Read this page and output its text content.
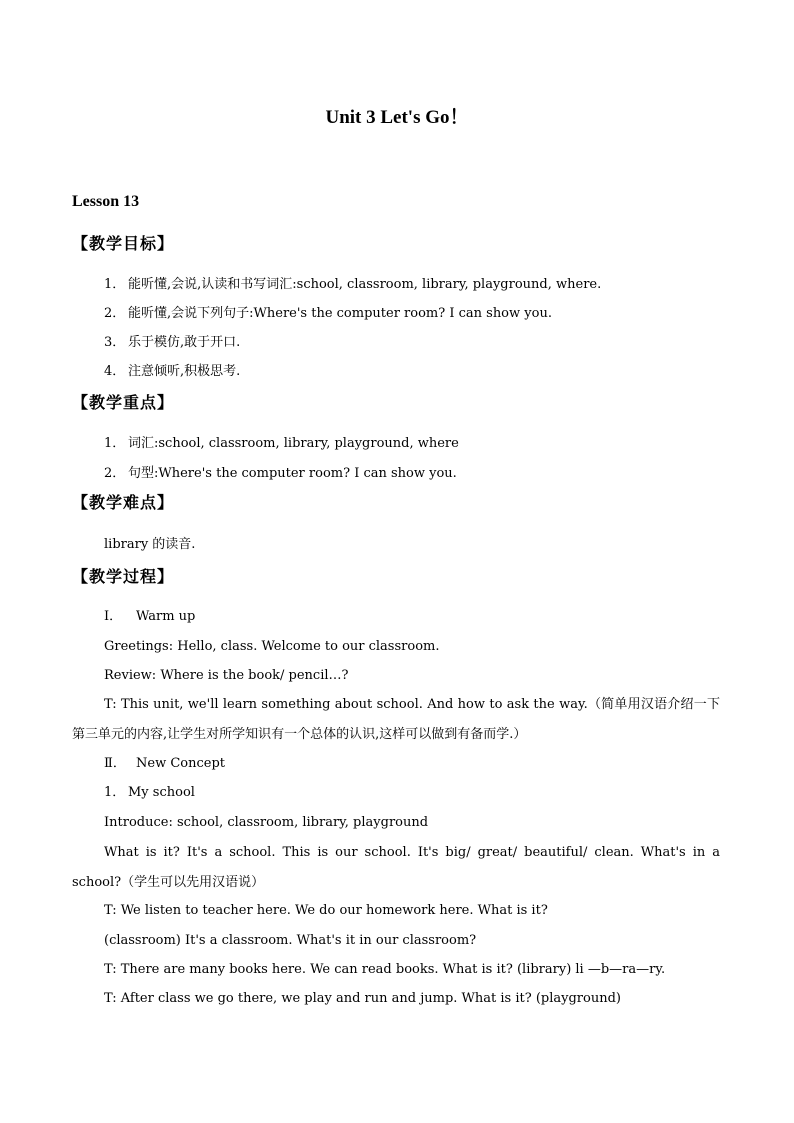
Unit 3 Let's Go！
Lesson 13
【教学目标】
1． 能听懂,会说,认读和书写词汇:school, classroom, library, playground, where.
2． 能听懂,会说下列句子:Where's the computer room? I can show you.
3． 乐于模仿,敢于开口.
4． 注意倾听,积极思考.
【教学重点】
1． 词汇:school, classroom, library, playground, where
2． 句型:Where's the computer room? I can show you.
【教学难点】
library 的读音.
【教学过程】
Ⅰ． Warm up
Greetings: Hello, class. Welcome to our classroom.
Review: Where is the book/ pencil…?
T: This unit, we'll learn something about school. And how to ask the way.（简单用汉语介绍一下第三单元的内容,让学生对所学知识有一个总体的认识,这样可以做到有备而学.）
Ⅱ． New Concept
1． My school
Introduce: school, classroom, library, playground
What is it? It's a school. This is our school. It's big/ great/ beautiful/ clean. What's in a school?（学生可以先用汉语说）
T: We listen to teacher here. We do our homework here. What is it?
(classroom) It's a classroom. What's it in our classroom?
T: There are many books here. We can read books. What is it? (library) li —b—ra—ry.
T: After class we go there, we play and run and jump. What is it? (playground)
